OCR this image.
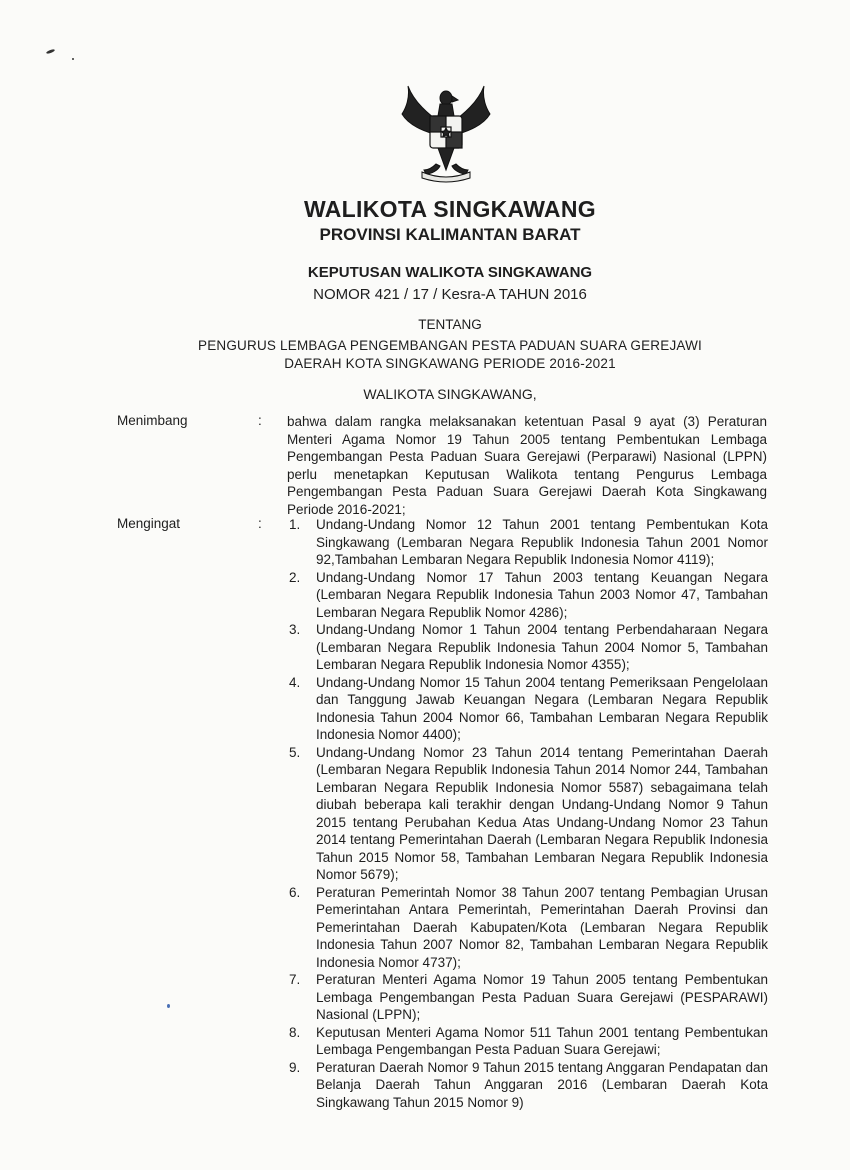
WALIKOTA SINGKAWANG
PROVINSI KALIMANTAN BARAT
KEPUTUSAN WALIKOTA SINGKAWANG
NOMOR 421 / 17 / Kesra-A TAHUN 2016
TENTANG
PENGURUS LEMBAGA PENGEMBANGAN PESTA PADUAN SUARA GEREJAWI
DAERAH KOTA SINGKAWANG PERIODE 2016-2021
WALIKOTA SINGKAWANG,
Menimbang	: bahwa dalam rangka melaksanakan ketentuan Pasal 9 ayat (3) Peraturan Menteri Agama Nomor 19 Tahun 2005 tentang Pembentukan Lembaga Pengembangan Pesta Paduan Suara Gerejawi (Perparawi) Nasional (LPPN) perlu menetapkan Keputusan Walikota tentang Pengurus Lembaga Pengembangan Pesta Paduan Suara Gerejawi Daerah Kota Singkawang Periode 2016-2021;
Mengingat	: 1. Undang-Undang Nomor 12 Tahun 2001 tentang Pembentukan Kota Singkawang (Lembaran Negara Republik Indonesia Tahun 2001 Nomor 92,Tambahan Lembaran Negara Republik Indonesia Nomor 4119);
2. Undang-Undang Nomor 17 Tahun 2003 tentang Keuangan Negara (Lembaran Negara Republik Indonesia Tahun 2003 Nomor 47, Tambahan Lembaran Negara Republik Nomor 4286);
3. Undang-Undang Nomor 1 Tahun 2004 tentang Perbendaharaan Negara (Lembaran Negara Republik Indonesia Tahun 2004 Nomor 5, Tambahan Lembaran Negara Republik Indonesia Nomor 4355);
4. Undang-Undang Nomor 15 Tahun 2004 tentang Pemeriksaan Pengelolaan dan Tanggung Jawab Keuangan Negara (Lembaran Negara Republik Indonesia Tahun 2004 Nomor 66, Tambahan Lembaran Negara Republik Indonesia Nomor 4400);
5. Undang-Undang Nomor 23 Tahun 2014 tentang Pemerintahan Daerah (Lembaran Negara Republik Indonesia Tahun 2014 Nomor 244, Tambahan Lembaran Negara Republik Indonesia Nomor 5587) sebagaimana telah diubah beberapa kali terakhir dengan Undang-Undang Nomor 9 Tahun 2015 tentang Perubahan Kedua Atas Undang-Undang Nomor 23 Tahun 2014 tentang Pemerintahan Daerah (Lembaran Negara Republik Indonesia Tahun 2015 Nomor 58, Tambahan Lembaran Negara Republik Indonesia Nomor 5679);
6. Peraturan Pemerintah Nomor 38 Tahun 2007 tentang Pembagian Urusan Pemerintahan Antara Pemerintah, Pemerintahan Daerah Provinsi dan Pemerintahan Daerah Kabupaten/Kota (Lembaran Negara Republik Indonesia Tahun 2007 Nomor 82, Tambahan Lembaran Negara Republik Indonesia Nomor 4737);
7. Peraturan Menteri Agama Nomor 19 Tahun 2005 tentang Pembentukan Lembaga Pengembangan Pesta Paduan Suara Gerejawi (PESPARAWI) Nasional (LPPN);
8. Keputusan Menteri Agama Nomor 511 Tahun 2001 tentang Pembentukan Lembaga Pengembangan Pesta Paduan Suara Gerejawi;
9. Peraturan Daerah Nomor 9 Tahun 2015 tentang Anggaran Pendapatan dan Belanja Daerah Tahun Anggaran 2016 (Lembaran Daerah Kota Singkawang Tahun 2015 Nomor 9)
